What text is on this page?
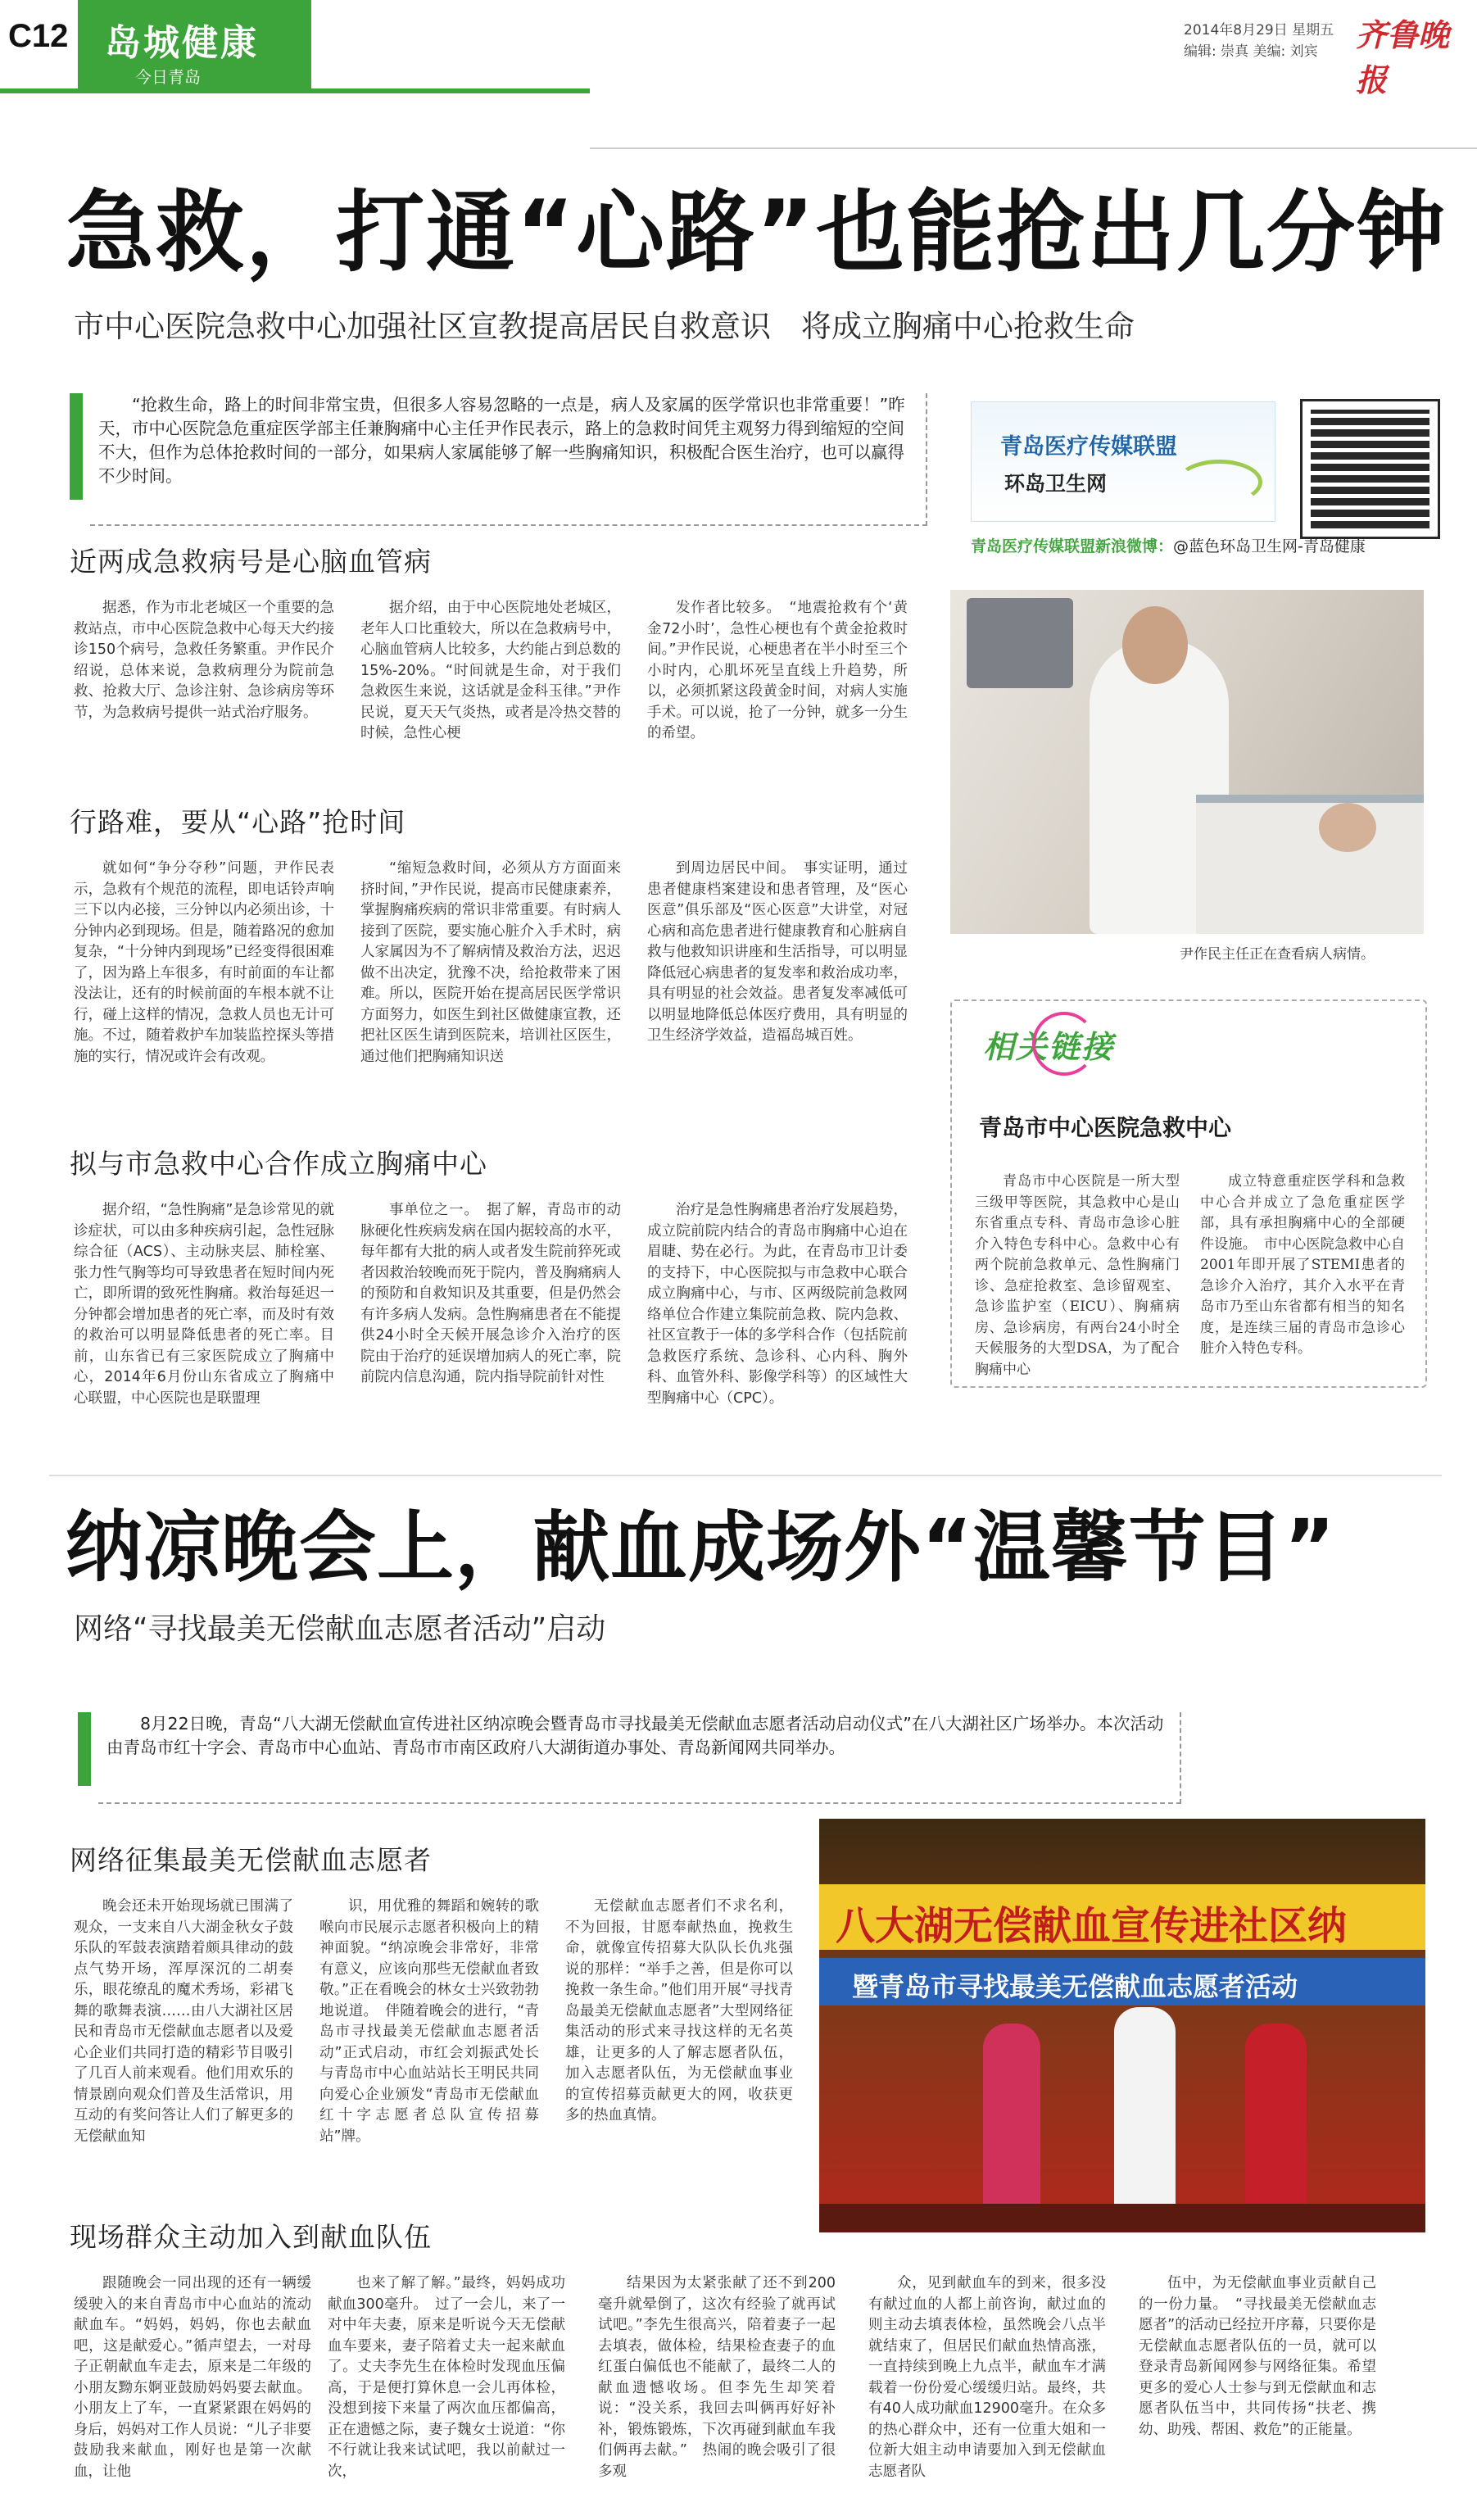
C12 岛城健康
今日青岛
2014年8月29日 星期五
编辑: 崇真 美编: 刘宾 齐鲁晚报
急救，打通“心路”也能抢出几分钟
市中心医院急救中心加强社区宣教提高居民自救意识　将成立胸痛中心抢救生命
“抢救生命，路上的时间非常宝贵，但很多人容易忽略的一点是，病人及家属的医学常识也非常重要！”昨天，市中心医院急危重症医学部主任兼胸痛中心主任尹作民表示，路上的急救时间凭主观努力得到缩短的空间不大，但作为总体抢救时间的一部分，如果病人家属能够了解一些胸痛知识，积极配合医生治疗，也可以赢得不少时间。
青岛医疗传媒联盟
环岛卫生网
青岛医疗传媒联盟新浪微博：@蓝色环岛卫生网-青岛健康
近两成急救病号是心脑血管病

据悉，作为市北老城区一个重要的急救站点，市中心医院急救中心每天大约接诊150个病号，急救任务繁重。尹作民介绍说，总体来说，急救病理分为院前急救、抢救大厅、急诊注射、急诊病房等环节，为急救病号提供一站式治疗服务。

据介绍，由于中心医院地处老城区，老年人口比重较大，所以在急救病号中，心脑血管病人比较多，大约能占到总数的15%-20%。“时间就是生命，对于我们急救医生来说，这话就是金科玉律。”尹作民说，夏天天气炎热，或者是冷热交替的时候，急性心梗

发作者比较多。　“地震抢救有个‘黄金72小时’，急性心梗也有个黄金抢救时间。”尹作民说，心梗患者在半小时至三个小时内，心肌坏死呈直线上升趋势，所以，必须抓紧这段黄金时间，对病人实施手术。可以说，抢了一分钟，就多一分生的希望。

尹作民主任正在查看病人病情。
行路难，要从“心路”抢时间

就如何“争分夺秒”问题，尹作民表示，急救有个规范的流程，即电话铃声响三下以内必接，三分钟以内必须出诊，十分钟内必到现场。但是，随着路况的愈加复杂，“十分钟内到现场”已经变得很困难了，因为路上车很多，有时前面的车让都没法让，还有的时候前面的车根本就不让行，碰上这样的情况，急救人员也无计可施。不过，随着救护车加装监控探头等措施的实行，情况或许会有改观。

“缩短急救时间，必须从方方面面来挤时间，”尹作民说，提高市民健康素养，掌握胸痛疾病的常识非常重要。有时病人接到了医院，要实施心脏介入手术时，病人家属因为不了解病情及救治方法，迟迟做不出决定，犹豫不决，给抢救带来了困难。所以，医院开始在提高居民医学常识方面努力，如医生到社区做健康宣教，还把社区医生请到医院来，培训社区医生，通过他们把胸痛知识送

到周边居民中间。　事实证明，通过患者健康档案建设和患者管理，及“医心医意”俱乐部及“医心医意”大讲堂，对冠心病和高危患者进行健康教育和心脏病自救与他救知识讲座和生活指导，可以明显降低冠心病患者的复发率和救治成功率，具有明显的社会效益。患者复发率减低可以明显地降低总体医疗费用，具有明显的卫生经济学效益，造福岛城百姓。	相关链接
青岛市中心医院急救中心

青岛市中心医院是一所大型三级甲等医院，其急救中心是山东省重点专科、青岛市急诊心脏介入特色专科中心。急救中心有两个院前急救单元、急性胸痛门诊、急症抢救室、急诊留观室、急诊监护室（EICU）、胸痛病房、急诊病房，有两台24小时全天候服务的大型DSA，为了配合胸痛中心

成立特意重症医学科和急救中心合并成立了急危重症医学部，具有承担胸痛中心的全部硬件设施。　市中心医院急救中心自2001年即开展了STEMI患者的急诊介入治疗，其介入水平在青岛市乃至山东省都有相当的知名度，是连续三届的青岛市急诊心脏介入特色专科。

拟与市急救中心合作成立胸痛中心

据介绍，“急性胸痛”是急诊常见的就诊症状，可以由多种疾病引起，急性冠脉综合征（ACS）、主动脉夹层、肺栓塞、张力性气胸等均可导致患者在短时间内死亡，即所谓的致死性胸痛。救治每延迟一分钟都会增加患者的死亡率，而及时有效的救治可以明显降低患者的死亡率。目前，山东省已有三家医院成立了胸痛中心，2014年6月份山东省成立了胸痛中心联盟，中心医院也是联盟理

事单位之一。　据了解，青岛市的动脉硬化性疾病发病在国内据较高的水平，每年都有大批的病人或者发生院前猝死或者因救治较晚而死于院内，普及胸痛病人的预防和自救知识及其重要，但是仍然会有许多病人发病。急性胸痛患者在不能提供24小时全天候开展急诊介入治疗的医院由于治疗的延误增加病人的死亡率，院前院内信息沟通，院内指导院前针对性

治疗是急性胸痛患者治疗发展趋势，成立院前院内结合的青岛市胸痛中心迫在眉睫、势在必行。为此，在青岛市卫计委的支持下，中心医院拟与市急救中心联合成立胸痛中心，与市、区两级院前急救网络单位合作建立集院前急救、院内急救、社区宣教于一体的多学科合作（包括院前急救医疗系统、急诊科、心内科、胸外科、血管外科、影像学科等）的区域性大型胸痛中心（CPC）。

纳凉晚会上，献血成场外“温馨节目”
网络“寻找最美无偿献血志愿者活动”启动
8月22日晚，青岛“八大湖无偿献血宣传进社区纳凉晚会暨青岛市寻找最美无偿献血志愿者活动启动仪式”在八大湖社区广场举办。本次活动由青岛市红十字会、青岛市中心血站、青岛市市南区政府八大湖街道办事处、青岛新闻网共同举办。
八大湖无偿献血宣传进社区纳
暨青岛市寻找最美无偿献血志愿者活动
网络征集最美无偿献血志愿者

晚会还未开始现场就已围满了观众，一支来自八大湖金秋女子鼓乐队的军鼓表演踏着颇具律动的鼓点气势开场，浑厚深沉的二胡奏乐，眼花缭乱的魔术秀场，彩裙飞舞的歌舞表演……由八大湖社区居民和青岛市无偿献血志愿者以及爱心企业们共同打造的精彩节目吸引了几百人前来观看。他们用欢乐的情景剧向观众们普及生活常识，用互动的有奖问答让人们了解更多的无偿献血知

识，用优雅的舞蹈和婉转的歌喉向市民展示志愿者积极向上的精神面貌。“纳凉晚会非常好，非常有意义，应该向那些无偿献血者致敬。”正在看晚会的林女士兴致勃勃地说道。　伴随着晚会的进行，“青岛市寻找最美无偿献血志愿者活动”正式启动，市红会刘振武处长与青岛市中心血站站长王明民共同向爱心企业颁发“青岛市无偿献血红十字志愿者总队宣传招募站”牌。

无偿献血志愿者们不求名利，不为回报，甘愿奉献热血，挽救生命，就像宣传招募大队队长仇兆强说的那样：“举手之善，但是你可以挽救一条生命。”他们用开展“寻找青岛最美无偿献血志愿者”大型网络征集活动的形式来寻找这样的无名英雄，让更多的人了解志愿者队伍，加入志愿者队伍，为无偿献血事业的宣传招募贡献更大的网，收获更多的热血真情。

现场群众主动加入到献血队伍

跟随晚会一同出现的还有一辆缓缓驶入的来自青岛市中心血站的流动献血车。“妈妈，妈妈，你也去献血吧，这是献爱心。”循声望去，一对母子正朝献血车走去，原来是二年级的小朋友黝东婀亚鼓励妈妈要去献血。小朋友上了车，一直紧紧跟在妈妈的身后，妈妈对工作人员说：“儿子非要鼓励我来献血，刚好也是第一次献血，让他

也来了解了解。”最终，妈妈成功献血300毫升。　过了一会儿，来了一对中年夫妻，原来是听说今天无偿献血车要来，妻子陪着丈夫一起来献血了。丈夫李先生在体检时发现血压偏高，于是便打算休息一会儿再体检，没想到接下来量了两次血压都偏高，正在遗憾之际，妻子魏女士说道：“你不行就让我来试试吧，我以前献过一次，

结果因为太紧张献了还不到200毫升就晕倒了，这次有经验了就再试试吧。”李先生很高兴，陪着妻子一起去填表，做体检，结果检查妻子的血红蛋白偏低也不能献了，最终二人的献血遗憾收场。但李先生却笑着说：“没关系，我回去叫俩再好好补补，锻炼锻炼，下次再碰到献血车我们俩再去献。”　热闹的晚会吸引了很多观

众，见到献血车的到来，很多没有献过血的人都上前咨询，献过血的则主动去填表体检，虽然晚会八点半就结束了，但居民们献血热情高涨，一直持续到晚上九点半，献血车才满载着一份份爱心缓缓归站。最终，共有40人成功献血12900毫升。在众多的热心群众中，还有一位重大姐和一位新大姐主动申请要加入到无偿献血志愿者队

伍中，为无偿献血事业贡献自己的一份力量。　“寻找最美无偿献血志愿者”的活动已经拉开序幕，只要你是无偿献血志愿者队伍的一员，就可以登录青岛新闻网参与网络征集。希望更多的爱心人士参与到无偿献血和志愿者队伍当中，共同传扬“扶老、携幼、助残、帮困、救危”的正能量。
